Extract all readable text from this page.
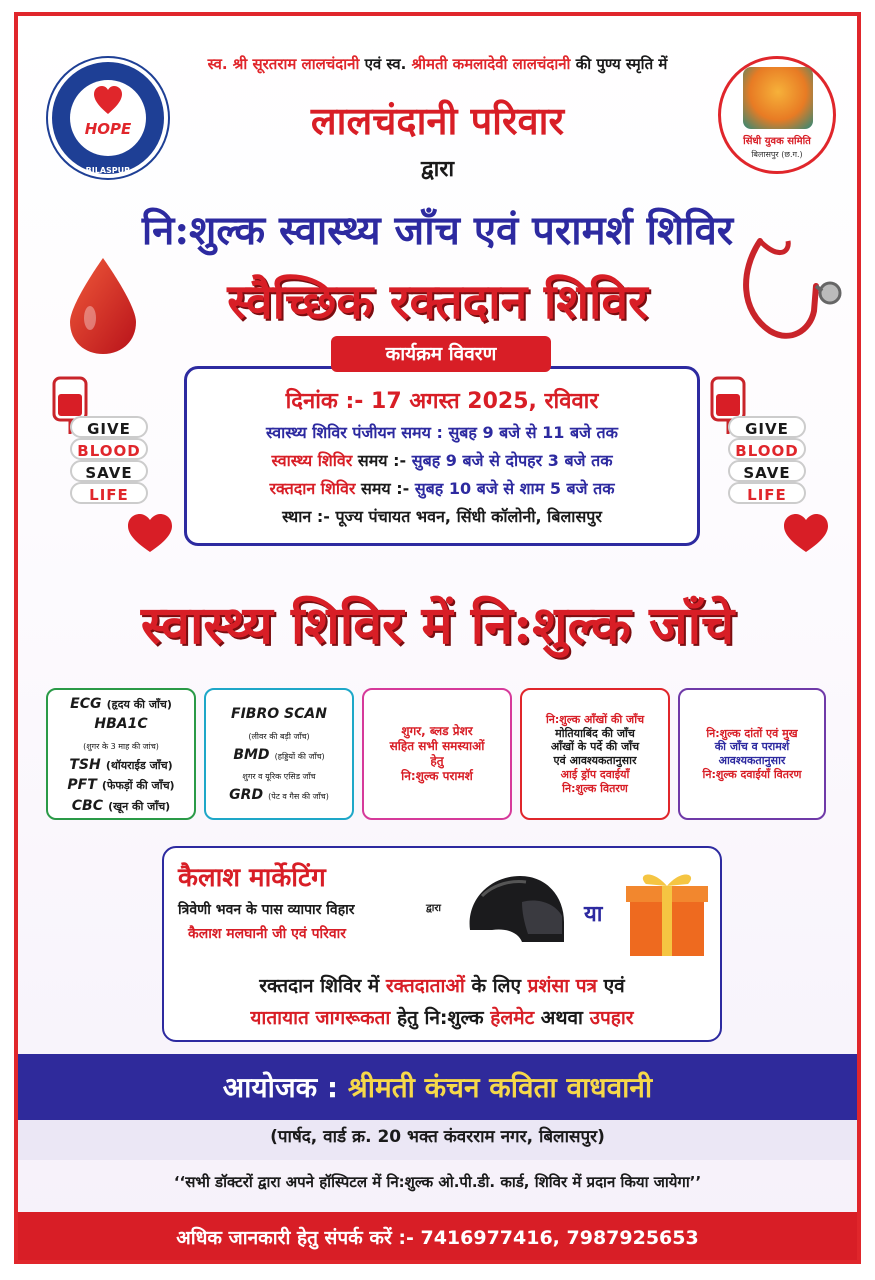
HOPE
BILASPUR
सिंधी युवक समिति
बिलासपुर (छ.ग.)
स्व. श्री सूरतराम लालचंदानी एवं स्व. श्रीमती कमलादेवी लालचंदानी की पुण्य स्मृति में
लालचंदानी परिवार
द्वारा
नि:शुल्क स्वास्थ्य जाँच एवं परामर्श शिविर
स्वैच्छिक रक्तदान शिविर
GIVE
BLOOD
SAVE
LIFE
GIVE
BLOOD
SAVE
LIFE
दिनांक :- 17 अगस्त 2025, रविवार
स्वास्थ्य शिविर पंजीयन समय : सुबह 9 बजे से 11 बजे तक
स्वास्थ्य शिविर समय :- सुबह 9 बजे से दोपहर 3 बजे तक
रक्तदान शिविर समय :- सुबह 10 बजे से शाम 5 बजे तक
स्थान :- पूज्य पंचायत भवन, सिंधी कॉलोनी, बिलासपुर
कार्यक्रम विवरण
स्वास्थ्य शिविर में नि:शुल्क जाँचे
ECG (हृदय की जाँच)
HBA1C
(शुगर के 3 माह की जांच)
TSH (थॉयराईड जाँच)
PFT (फेफड़ों की जाँच)
CBC (खून की जाँच)
FIBRO SCAN
(लीवर की बड़ी जाँच)
BMD (हड्डियों की जाँच)
शुगर व यूरिक एसिड जाँच
GRD (पेट व गैस की जाँच)
शुगर, ब्लड प्रेशर
सहित सभी समस्याओं
हेतु
नि:शुल्क परामर्श
नि:शुल्क आँखों की जाँच
मोतियाबिंद की जाँच
आँखों के पर्दे की जाँच
एवं आवश्यकतानुसार
आई ड्रॉप दवाईयाँ
नि:शुल्क वितरण
नि:शुल्क दांतों एवं मुख
की जाँच व परामर्श
आवश्यकतानुसार
नि:शुल्क दवाईयाँ वितरण
कैलाश मार्केटिंग
त्रिवेणी भवन के पास व्यापार विहार
कैलाश मलघानी जी एवं परिवार
द्वारा	या
रक्तदान शिविर में रक्तदाताओं के लिए प्रशंसा पत्र एवं
यातायात जागरूकता हेतु नि:शुल्क हेलमेट अथवा उपहार
आयोजक : श्रीमती कंचन कविता वाधवानी
(पार्षद, वार्ड क्र. 20 भक्त कंवरराम नगर, बिलासपुर)
‘‘सभी डॉक्टरों द्वारा अपने हॉस्पिटल में नि:शुल्क ओ.पी.डी. कार्ड, शिविर में प्रदान किया जायेगा’’
अधिक जानकारी हेतु संपर्क करें :- 7416977416, 7987925653
